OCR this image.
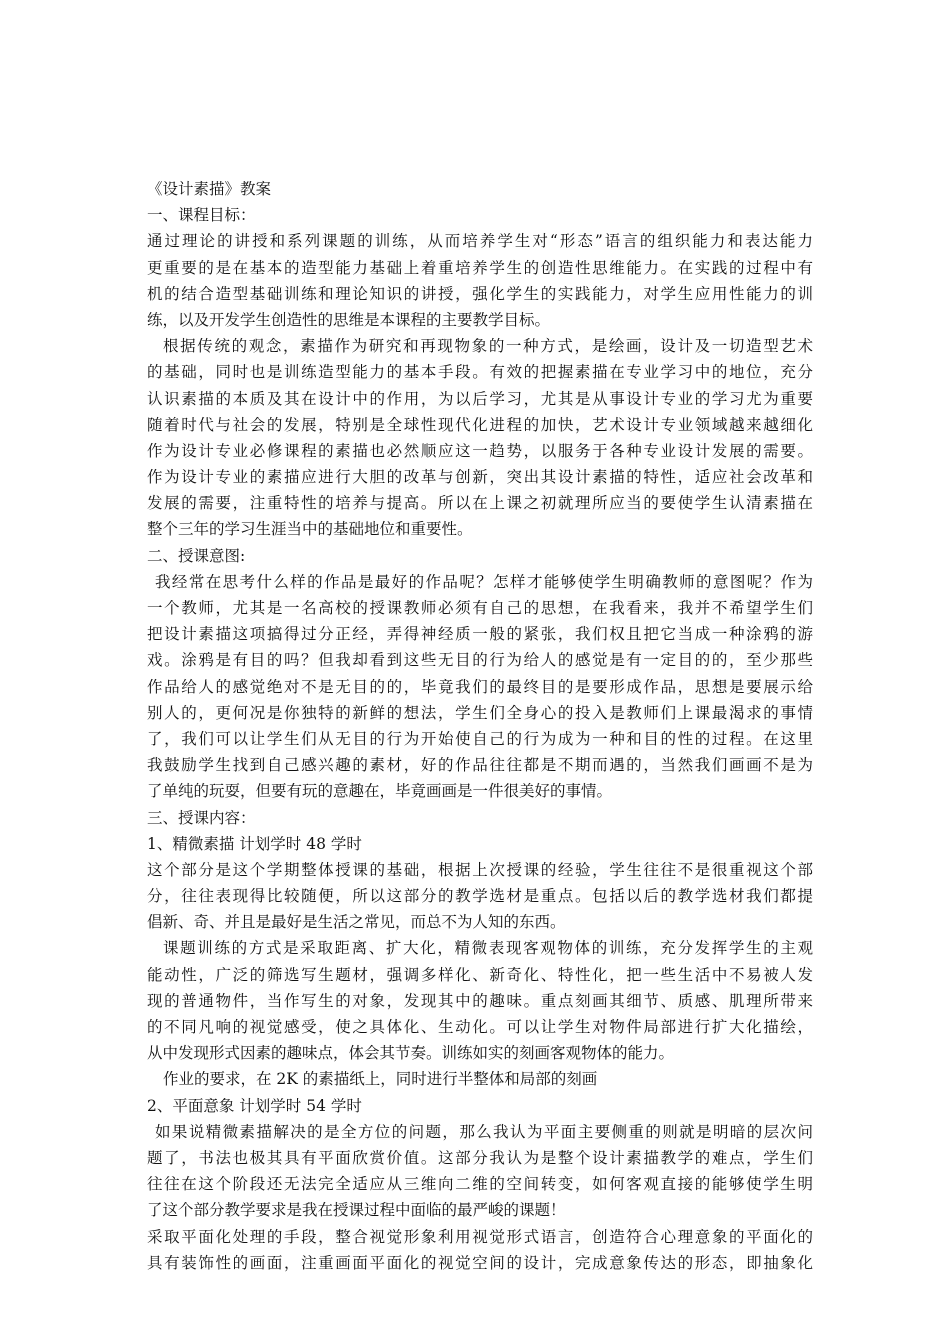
《设计素描》教案
一、课程目标：
通过理论的讲授和系列课题的训练，从而培养学生对“形态”语言的组织能力和表达能力
更重要的是在基本的造型能力基础上着重培养学生的创造性思维能力。在实践的过程中有
机的结合造型基础训练和理论知识的讲授，强化学生的实践能力，对学生应用性能力的训
练，以及开发学生创造性的思维是本课程的主要教学目标。
根据传统的观念，素描作为研究和再现物象的一种方式，是绘画，设计及一切造型艺术
的基础，同时也是训练造型能力的基本手段。有效的把握素描在专业学习中的地位，充分
认识素描的本质及其在设计中的作用，为以后学习，尤其是从事设计专业的学习尤为重要
随着时代与社会的发展，特别是全球性现代化进程的加快，艺术设计专业领域越来越细化
作为设计专业必修课程的素描也必然顺应这一趋势，以服务于各种专业设计发展的需要。
作为设计专业的素描应进行大胆的改革与创新，突出其设计素描的特性，适应社会改革和
发展的需要，注重特性的培养与提高。所以在上课之初就理所应当的要使学生认清素描在
整个三年的学习生涯当中的基础地位和重要性。
二、授课意图:
我经常在思考什么样的作品是最好的作品呢？怎样才能够使学生明确教师的意图呢？作为
一个教师，尤其是一名高校的授课教师必须有自己的思想，在我看来，我并不希望学生们
把设计素描这项搞得过分正经，弄得神经质一般的紧张，我们权且把它当成一种涂鸦的游
戏。涂鸦是有目的吗？但我却看到这些无目的行为给人的感觉是有一定目的的，至少那些
作品给人的感觉绝对不是无目的的，毕竟我们的最终目的是要形成作品，思想是要展示给
别人的，更何况是你独特的新鲜的想法，学生们全身心的投入是教师们上课最渴求的事情
了，我们可以让学生们从无目的行为开始使自己的行为成为一种和目的性的过程。在这里
我鼓励学生找到自己感兴趣的素材，好的作品往往都是不期而遇的，当然我们画画不是为
了单纯的玩耍，但要有玩的意趣在，毕竟画画是一件很美好的事情。
三、授课内容：
1、精微素描 计划学时 48 学时
这个部分是这个学期整体授课的基础，根据上次授课的经验，学生往往不是很重视这个部
分，往往表现得比较随便，所以这部分的教学选材是重点。包括以后的教学选材我们都提
倡新、奇、并且是最好是生活之常见，而总不为人知的东西。
课题训练的方式是采取距离、扩大化，精微表现客观物体的训练，充分发挥学生的主观
能动性，广泛的筛选写生题材，强调多样化、新奇化、特性化，把一些生活中不易被人发
现的普通物件，当作写生的对象，发现其中的趣味。重点刻画其细节、质感、肌理所带来
的不同凡响的视觉感受，使之具体化、生动化。可以让学生对物件局部进行扩大化描绘，
从中发现形式因素的趣味点，体会其节奏。训练如实的刻画客观物体的能力。
作业的要求，在 2K 的素描纸上，同时进行半整体和局部的刻画
2、平面意象 计划学时 54 学时
如果说精微素描解决的是全方位的问题，那么我认为平面主要侧重的则就是明暗的层次问
题了，书法也极其具有平面欣赏价值。这部分我认为是整个设计素描教学的难点，学生们
往往在这个阶段还无法完全适应从三维向二维的空间转变，如何客观直接的能够使学生明
了这个部分教学要求是我在授课过程中面临的最严峻的课题！
采取平面化处理的手段，整合视觉形象利用视觉形式语言，创造符合心理意象的平面化的
具有装饰性的画面，注重画面平面化的视觉空间的设计，完成意象传达的形态，即抽象化
